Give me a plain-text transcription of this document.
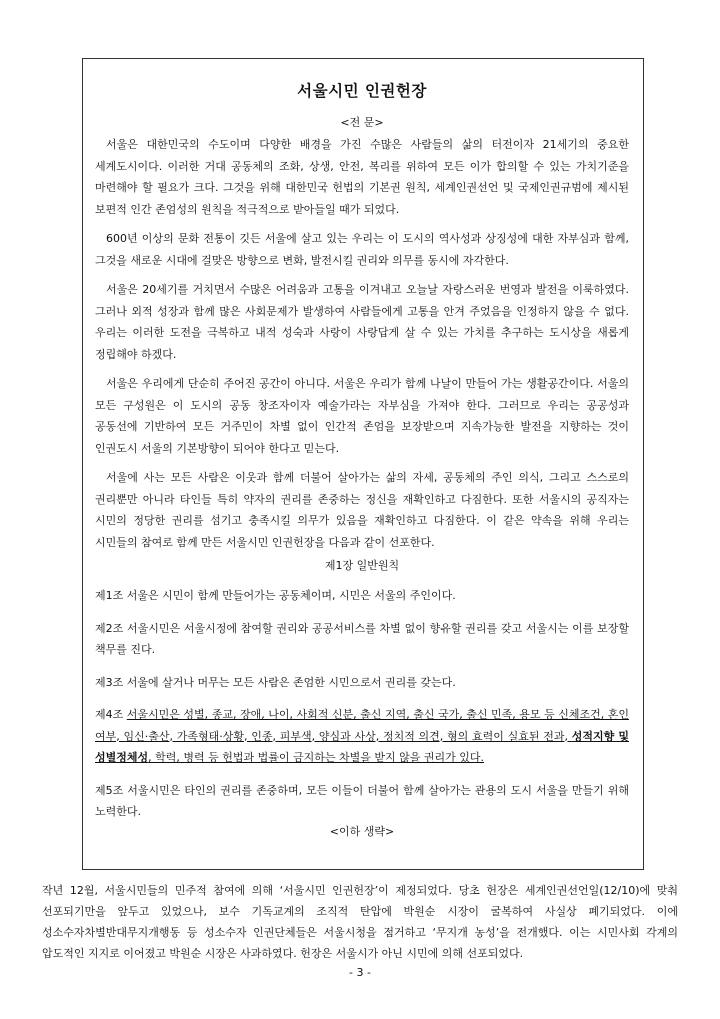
서울시민 인권헌장
<전 문>

서울은 대한민국의 수도이며 다양한 배경을 가진 수많은 사람들의 삶의 터전이자 21세기의 중요한 세계도시이다. 이러한 거대 공동체의 조화, 상생, 안전, 복리를 위하여 모든 이가 합의할 수 있는 가치기준을 마련해야 할 필요가 크다. 그것을 위해 대한민국 헌법의 기본권 원칙, 세계인권선언 및 국제인권규범에 제시된 보편적 인간 존엄성의 원칙을 적극적으로 받아들일 때가 되었다.

600년 이상의 문화 전통이 깃든 서울에 살고 있는 우리는 이 도시의 역사성과 상징성에 대한 자부심과 함께, 그것을 새로운 시대에 걸맞은 방향으로 변화, 발전시킬 권리와 의무를 동시에 자각한다.

서울은 20세기를 거치면서 수많은 어려움과 고통을 이겨내고 오늘날 자랑스러운 번영과 발전을 이룩하였다. 그러나 외적 성장과 함께 많은 사회문제가 발생하여 사람들에게 고통을 안겨 주었음을 인정하지 않을 수 없다. 우리는 이러한 도전을 극복하고 내적 성숙과 사랑이 사랑답게 살 수 있는 가치를 추구하는 도시상을 새롭게 정립해야 하겠다.

서울은 우리에게 단순히 주어진 공간이 아니다. 서울은 우리가 함께 나날이 만들어 가는 생활공간이다. 서울의 모든 구성원은 이 도시의 공동 창조자이자 예술가라는 자부심을 가져야 한다. 그러므로 우리는 공공성과 공동선에 기반하여 모든 거주민이 차별 없이 인간적 존엄을 보장받으며 지속가능한 발전을 지향하는 것이 인권도시 서울의 기본방향이 되어야 한다고 믿는다.

서울에 사는 모든 사람은 이웃과 함께 더불어 살아가는 삶의 자세, 공동체의 주인 의식, 그리고 스스로의 권리뿐만 아니라 타인들 특히 약자의 권리를 존중하는 정신을 재확인하고 다짐한다. 또한 서울시의 공직자는 시민의 정당한 권리를 섬기고 충족시킬 의무가 있음을 재확인하고 다짐한다. 이 같은 약속을 위해 우리는 시민들의 참여로 함께 만든 서울시민 인권헌장을 다음과 같이 선포한다.

제1장 일반원칙

제1조 서울은 시민이 함께 만들어가는 공동체이며, 시민은 서울의 주인이다.

제2조 서울시민은 서울시정에 참여할 권리와 공공서비스를 차별 없이 향유할 권리를 갖고 서울시는 이를 보장할 책무를 진다.

제3조 서울에 살거나 머무는 모든 사람은 존엄한 시민으로서 권리를 갖는다.

제4조 서울시민은 성별, 종교, 장애, 나이, 사회적 신분, 출신 지역, 출신 국가, 출신 민족, 용모 등 신체조건, 혼인 여부, 임신·출산, 가족형태·상황, 인종, 피부색, 양심과 사상, 정치적 의견, 형의 효력이 실효된 전과, 성적지향 및 성별정체성, 학력, 병력 등 헌법과 법률이 금지하는 차별을 받지 않을 권리가 있다.

제5조 서울시민은 타인의 권리를 존중하며, 모든 이들이 더불어 함께 살아가는 관용의 도시 서울을 만들기 위해 노력한다.

<이하 생략>

작년 12월, 서울시민들의 민주적 참여에 의해 ‘서울시민 인권헌장’이 제정되었다. 당초 헌장은 세계인권선언일(12/10)에 맞춰 선포되기만을 앞두고 있었으나, 보수 기독교계의 조직적 탄압에 박원순 시장이 굴복하여 사실상 폐기되었다. 이에 성소수자차별반대무지개행동 등 성소수자 인권단체들은 서울시청을 점거하고 ‘무지개 농성’을 전개했다. 이는 시민사회 각계의 압도적인 지지로 이어졌고 박원순 시장은 사과하였다. 헌장은 서울시가 아닌 시민에 의해 선포되었다.

- 3 -
